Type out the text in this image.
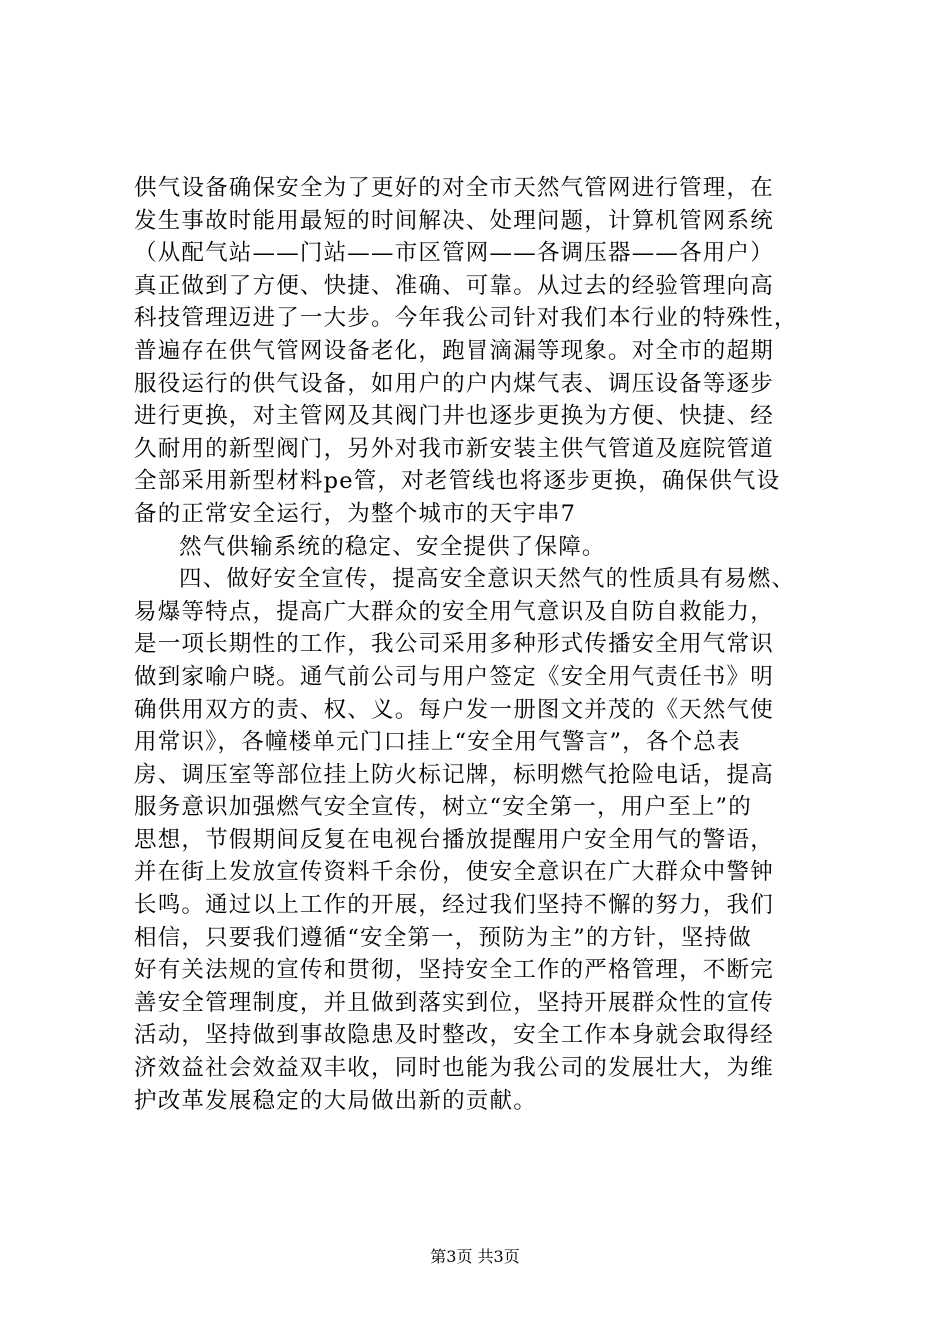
供气设备确保安全为了更好的对全市天然气管网进行管理，在
发生事故时能用最短的时间解决、处理问题，计算机管网系统
（从配气站——门站——市区管网——各调压器——各用户）
真正做到了方便、快捷、准确、可靠。从过去的经验管理向高
科技管理迈进了一大步。今年我公司针对我们本行业的特殊性，
普遍存在供气管网设备老化，跑冒滴漏等现象。对全市的超期
服役运行的供气设备，如用户的户内煤气表、调压设备等逐步
进行更换，对主管网及其阀门井也逐步更换为方便、快捷、经
久耐用的新型阀门，另外对我市新安装主供气管道及庭院管道
全部采用新型材料pe管，对老管线也将逐步更换，确保供气设
备的正常安全运行，为整个城市的天宇串7
然气供输系统的稳定、安全提供了保障。
四、做好安全宣传，提高安全意识天然气的性质具有易燃、
易爆等特点，提高广大群众的安全用气意识及自防自救能力，
是一项长期性的工作，我公司采用多种形式传播安全用气常识
做到家喻户晓。通气前公司与用户签定《安全用气责任书》明
确供用双方的责、权、义。每户发一册图文并茂的《天然气使
用常识》，各幢楼单元门口挂上“安全用气警言”，各个总表
房、调压室等部位挂上防火标记牌，标明燃气抢险电话，提高
服务意识加强燃气安全宣传，树立“安全第一，用户至上”的
思想，节假期间反复在电视台播放提醒用户安全用气的警语，
并在街上发放宣传资料千余份，使安全意识在广大群众中警钟
长鸣。通过以上工作的开展，经过我们坚持不懈的努力，我们
相信，只要我们遵循“安全第一，预防为主”的方针，坚持做
好有关法规的宣传和贯彻，坚持安全工作的严格管理，不断完
善安全管理制度，并且做到落实到位，坚持开展群众性的宣传
活动，坚持做到事故隐患及时整改，安全工作本身就会取得经
济效益社会效益双丰收，同时也能为我公司的发展壮大，为维
护改革发展稳定的大局做出新的贡献。
第3页 共3页
